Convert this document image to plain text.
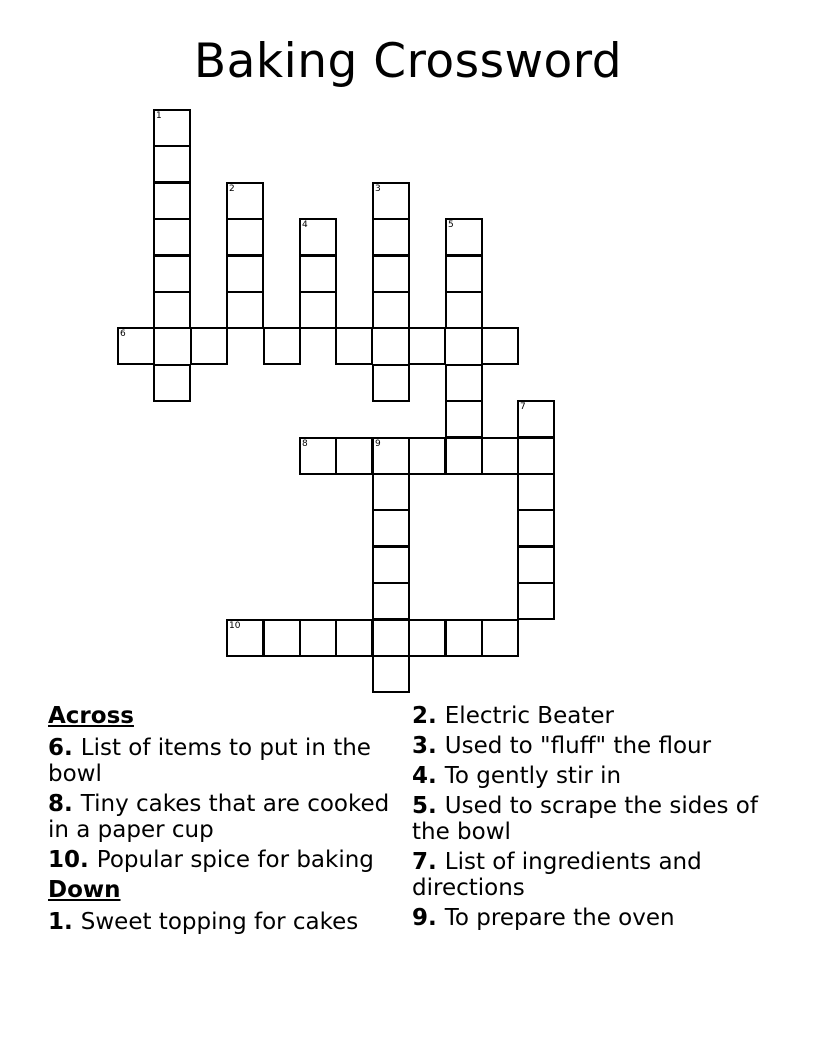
Baking Crossword
1
2
4
3
5
6
7
8	9
10
Across
6 . List of items to put in the bowl
8 . Tiny cakes that are cooked in a paper cup
10 . Popular spice for baking
Down
1 . Sweet topping for cakes
2 . Electric Beater
3 . Used to "fluff" the flour
4 . To gently stir in
5 . Used to scrape the sides of the bowl
7 . List of ingredients and directions
9 . To prepare the oven
